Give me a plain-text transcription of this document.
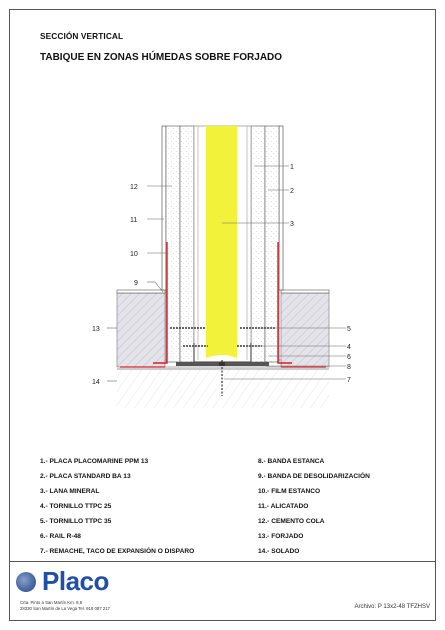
SECCIÓN VERTICAL
TABIQUE EN ZONAS HÚMEDAS SOBRE FORJADO
1
2
3
4
5
6
7
8
9
10
11
12
13
14
1.- PLACA PLACOMARINE PPM 13
2.- PLACA STANDARD BA 13
3.- LANA MINERAL
4.- TORNILLO TTPC 25
5.- TORNILLO TTPC 35
6.- RAIL R-48
7.- REMACHE, TACO DE EXPANSIÓN O DISPARO
8.- BANDA ESTANCA
9.- BANDA DE DESOLIDARIZACIÓN
10.- FILM ESTANCO
11.- ALICATADO
12.- CEMENTO COLA
13.- FORJADO
14.- SOLADO
Placo
Crta. Pinto a San Martín Km. 8,9
28330 San Martín de La Vega Tel. 918 087 217	Archivo: P 13x2-48 TFZHSV
